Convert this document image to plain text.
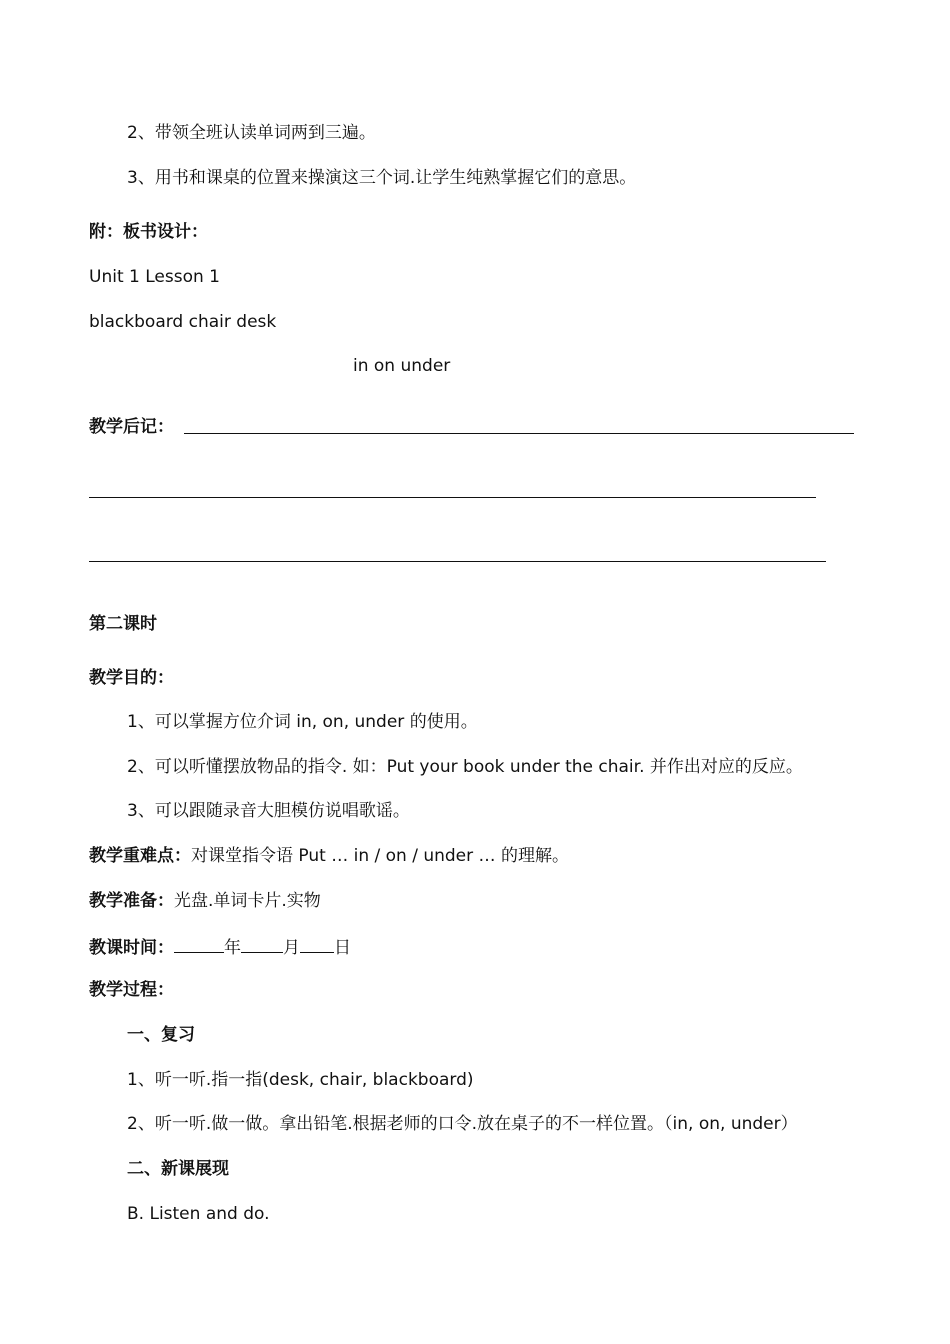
2、带领全班认读单词两到三遍。
3、用书和课桌的位置来操演这三个词.让学生纯熟掌握它们的意思。
附：板书设计：
Unit 1 Lesson 1
blackboard chair desk
in on under
教学后记：
第二课时
教学目的：
1、可以掌握方位介词 in, on, under 的使用。
2、可以听懂摆放物品的指令. 如：Put your book under the chair. 并作出对应的反应。
3、可以跟随录音大胆模仿说唱歌谣。
教学重难点：对课堂指令语 Put … in / on / under … 的理解。
教学准备：光盘.单词卡片.实物
教课时间：	年 月 日
教学过程：
一、复习
1、听一听.指一指(desk, chair, blackboard)
2、听一听.做一做。拿出铅笔.根据老师的口令.放在桌子的不一样位置。（in, on, under）
二、新课展现
B. Listen and do.
